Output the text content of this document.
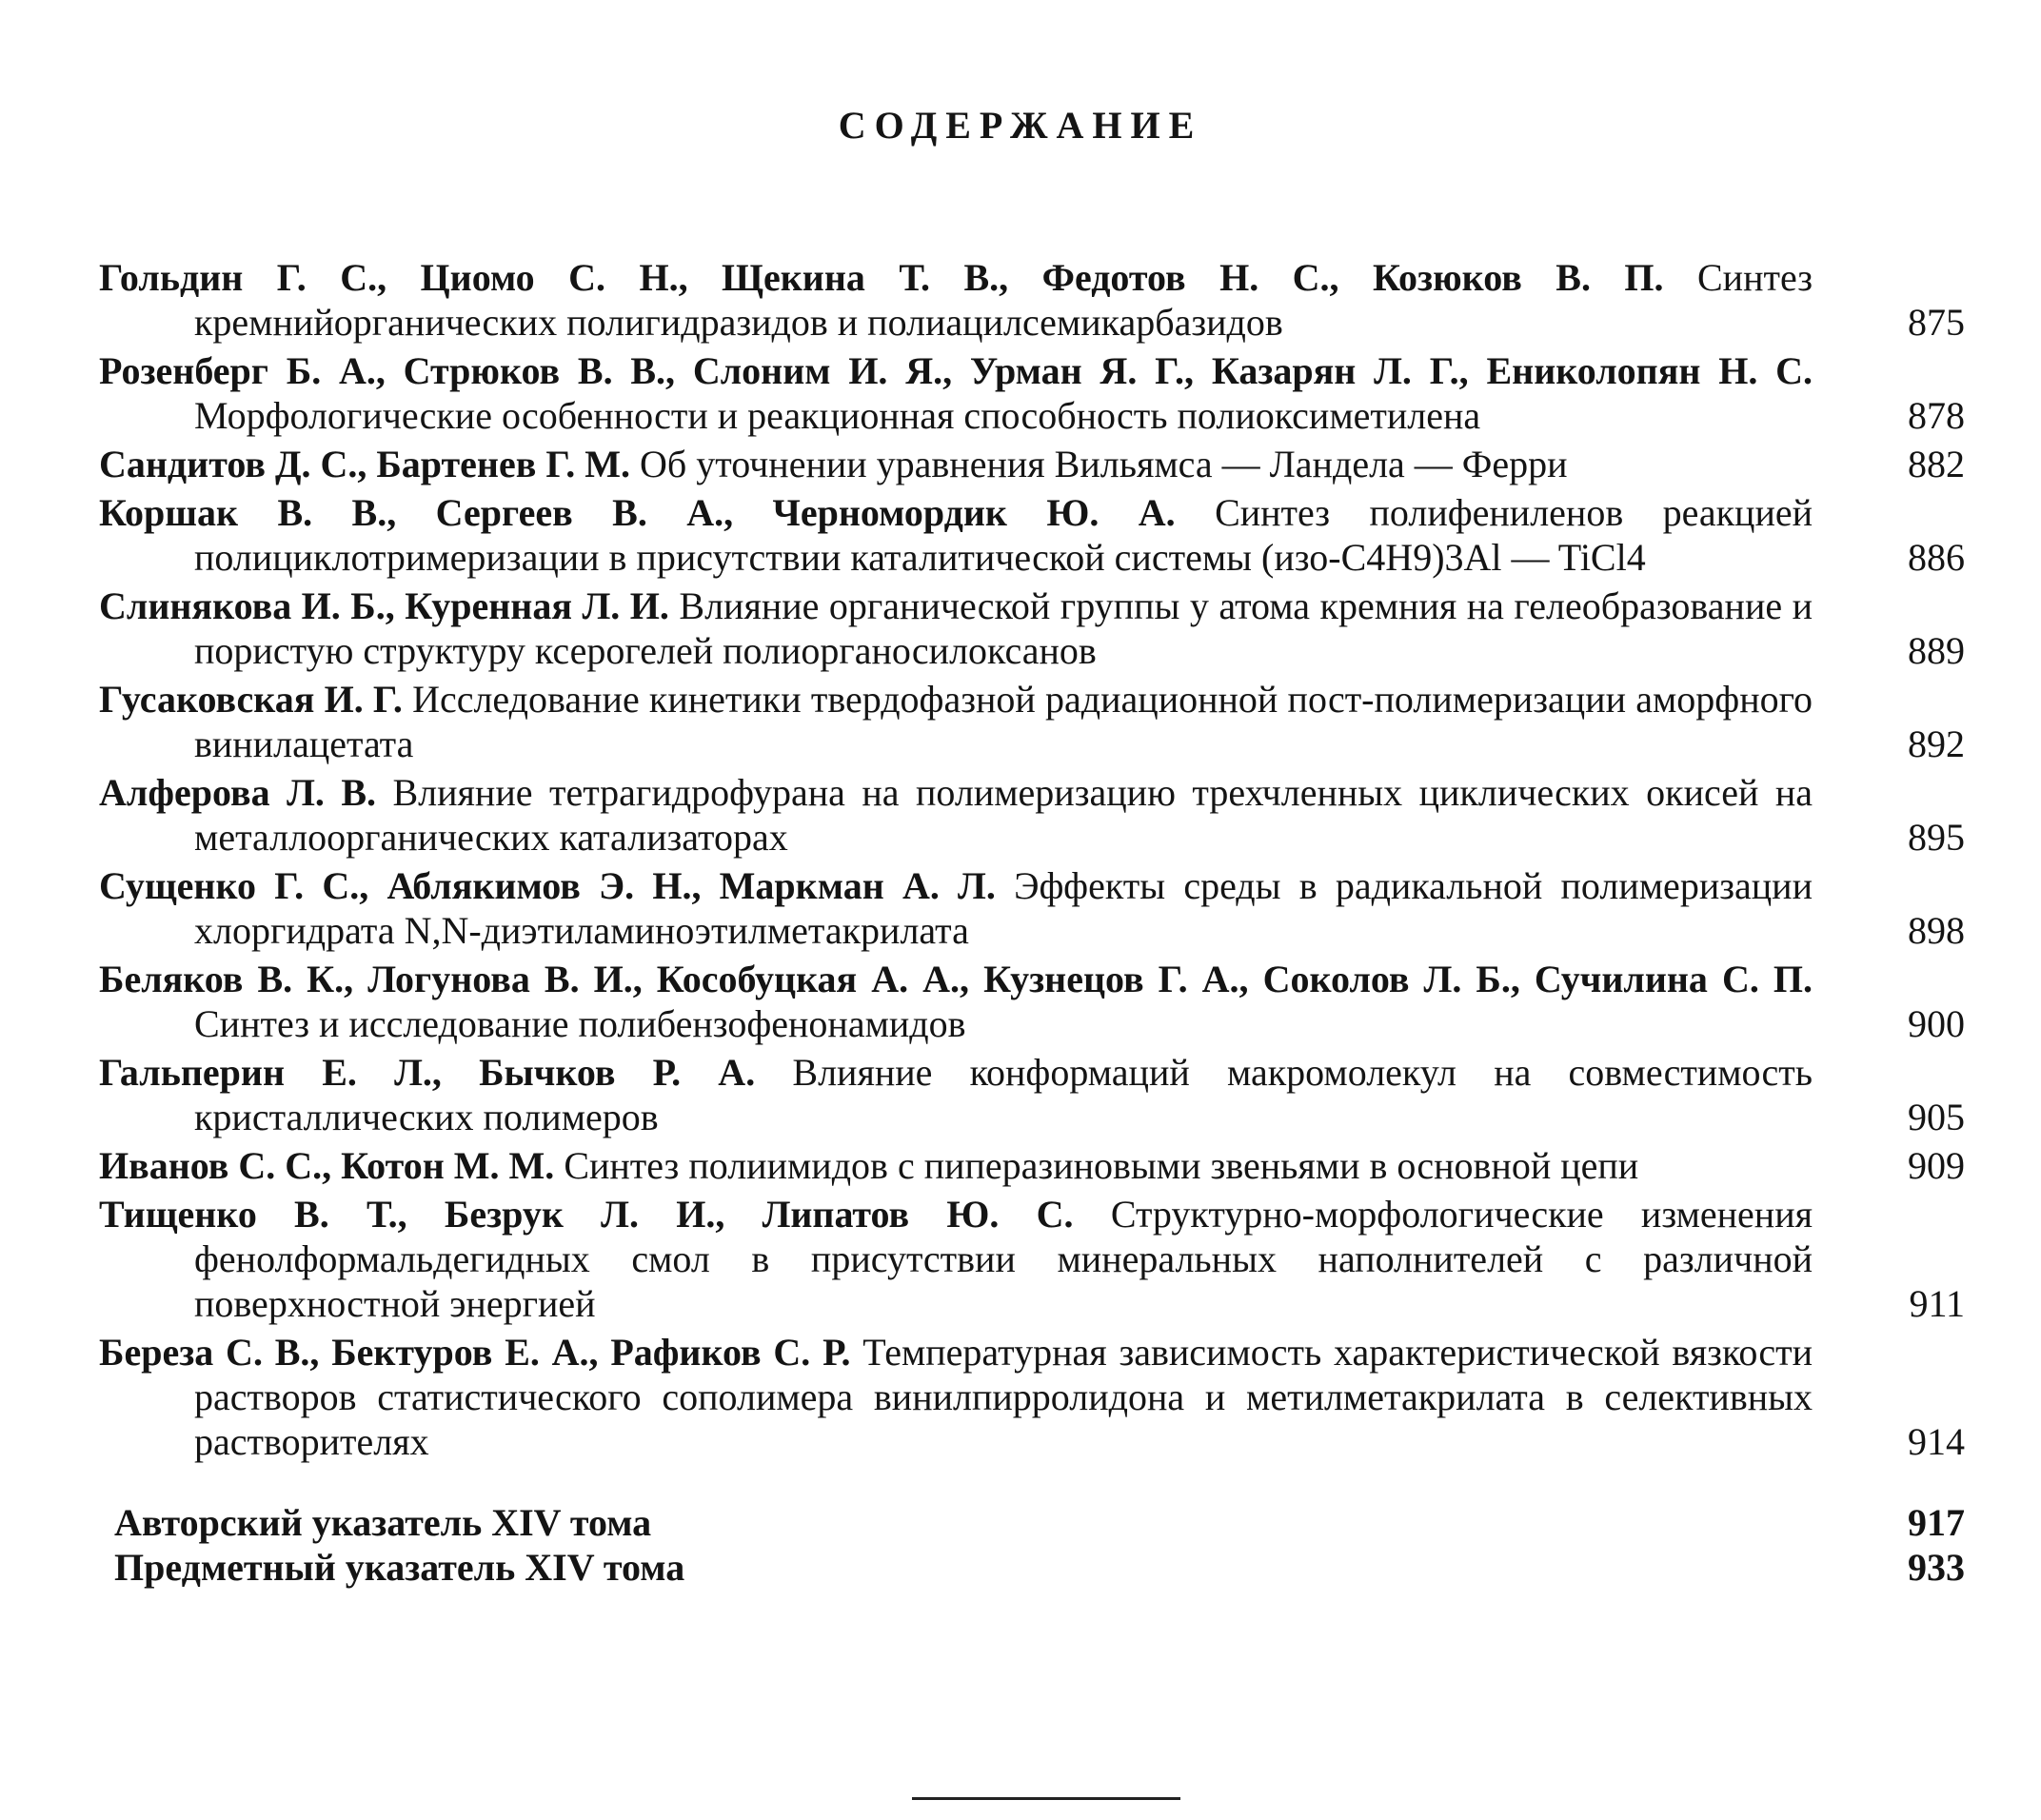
СОДЕРЖАНИЕ
Гольдин Г. С., Циомо С. Н., Щекина Т. В., Федотов Н. С., Козюков В. П. Синтез кремнийорганических полигидразидов и полиацилсемикарбазидов	875
Розенберг Б. А., Стрюков В. В., Слоним И. Я., Урман Я. Г., Казарян Л. Г., Ениколопян Н. С. Морфологические особенности и реакционная способность полиоксиметилена	878
Сандитов Д. С., Бартенев Г. М. Об уточнении уравнения Вильямса — Ландела — Ферри	882
Коршак В. В., Сергеев В. А., Черномордик Ю. А. Синтез полифениленов реакцией полициклотримеризации в присутствии каталитической системы (изо-C4H9)3Al — TiCl4	886
Слинякова И. Б., Куренная Л. И. Влияние органической группы у атома кремния на гелеобразование и пористую структуру ксерогелей полиорганосилоксанов	889
Гусаковская И. Г. Исследование кинетики твердофазной радиационной пост-полимеризации аморфного винилацетата	892
Алферова Л. В. Влияние тетрагидрофурана на полимеризацию трехчленных циклических окисей на металлоорганических катализаторах	895
Сущенко Г. С., Аблякимов Э. Н., Маркман А. Л. Эффекты среды в радикальной полимеризации хлоргидрата N,N-диэтиламиноэтилметакрилата	898
Беляков В. К., Логунова В. И., Кособуцкая А. А., Кузнецов Г. А., Соколов Л. Б., Сучилина С. П. Синтез и исследование полибензофенонамидов	900
Гальперин Е. Л., Бычков Р. А. Влияние конформаций макромолекул на совместимость кристаллических полимеров	905
Иванов С. С., Котон М. М. Синтез полиимидов с пиперазиновыми звеньями в основной цепи	909
Тищенко В. Т., Безрук Л. И., Липатов Ю. С. Структурно-морфологические изменения фенолформальдегидных смол в присутствии минеральных наполнителей с различной поверхностной энергией	911
Береза С. В., Бектуров Е. А., Рафиков С. Р. Температурная зависимость характеристической вязкости растворов статистического сополимера винилпирролидона и метилметакрилата в селективных растворителях	914
Авторский указатель XIV тома	917
Предметный указатель XIV тома	933
